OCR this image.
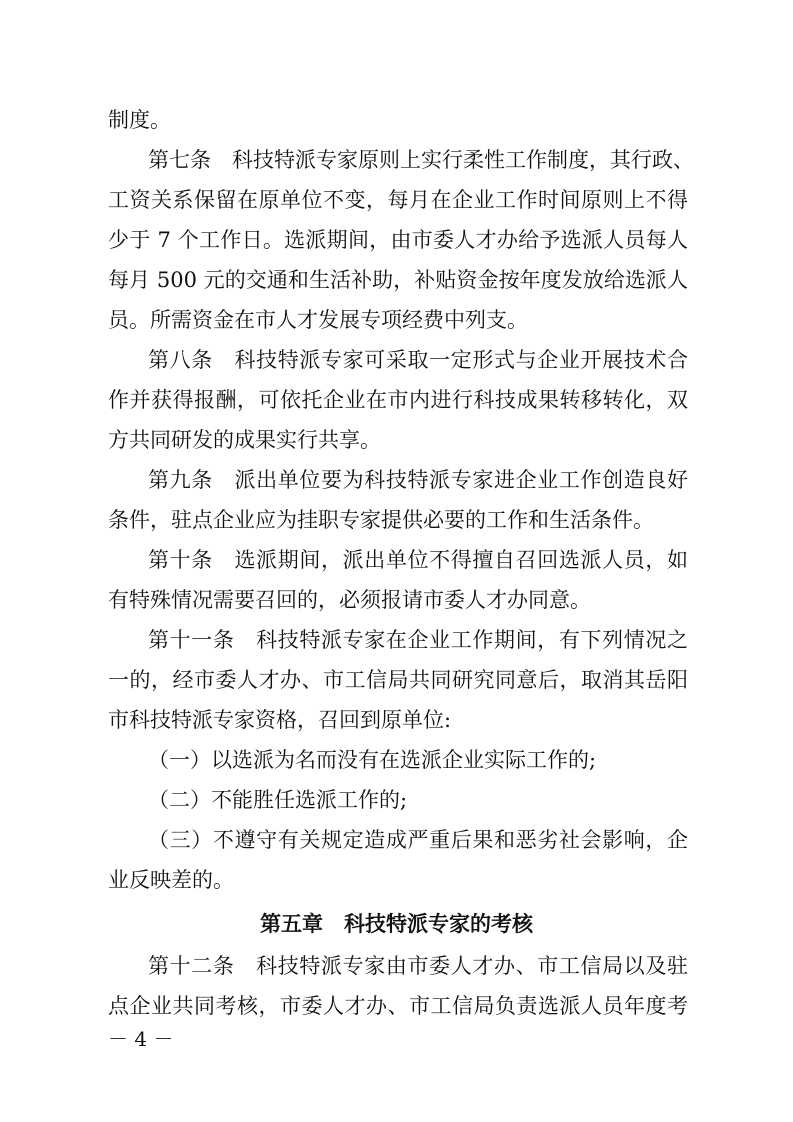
制度。
第七条　科技特派专家原则上实行柔性工作制度，其行政、
工资关系保留在原单位不变，每月在企业工作时间原则上不得
少于 7 个工作日。选派期间，由市委人才办给予选派人员每人
每月 500 元的交通和生活补助，补贴资金按年度发放给选派人
员。所需资金在市人才发展专项经费中列支。
第八条　科技特派专家可采取一定形式与企业开展技术合
作并获得报酬，可依托企业在市内进行科技成果转移转化，双
方共同研发的成果实行共享。
第九条　派出单位要为科技特派专家进企业工作创造良好
条件，驻点企业应为挂职专家提供必要的工作和生活条件。
第十条　选派期间，派出单位不得擅自召回选派人员，如
有特殊情况需要召回的，必须报请市委人才办同意。
第十一条　科技特派专家在企业工作期间，有下列情况之
一的，经市委人才办、市工信局共同研究同意后，取消其岳阳
市科技特派专家资格，召回到原单位:
（一）以选派为名而没有在选派企业实际工作的;
（二）不能胜任选派工作的;
（三）不遵守有关规定造成严重后果和恶劣社会影响，企
业反映差的。
第五章　科技特派专家的考核
第十二条　科技特派专家由市委人才办、市工信局以及驻
点企业共同考核，市委人才办、市工信局负责选派人员年度考
－ 4 －
